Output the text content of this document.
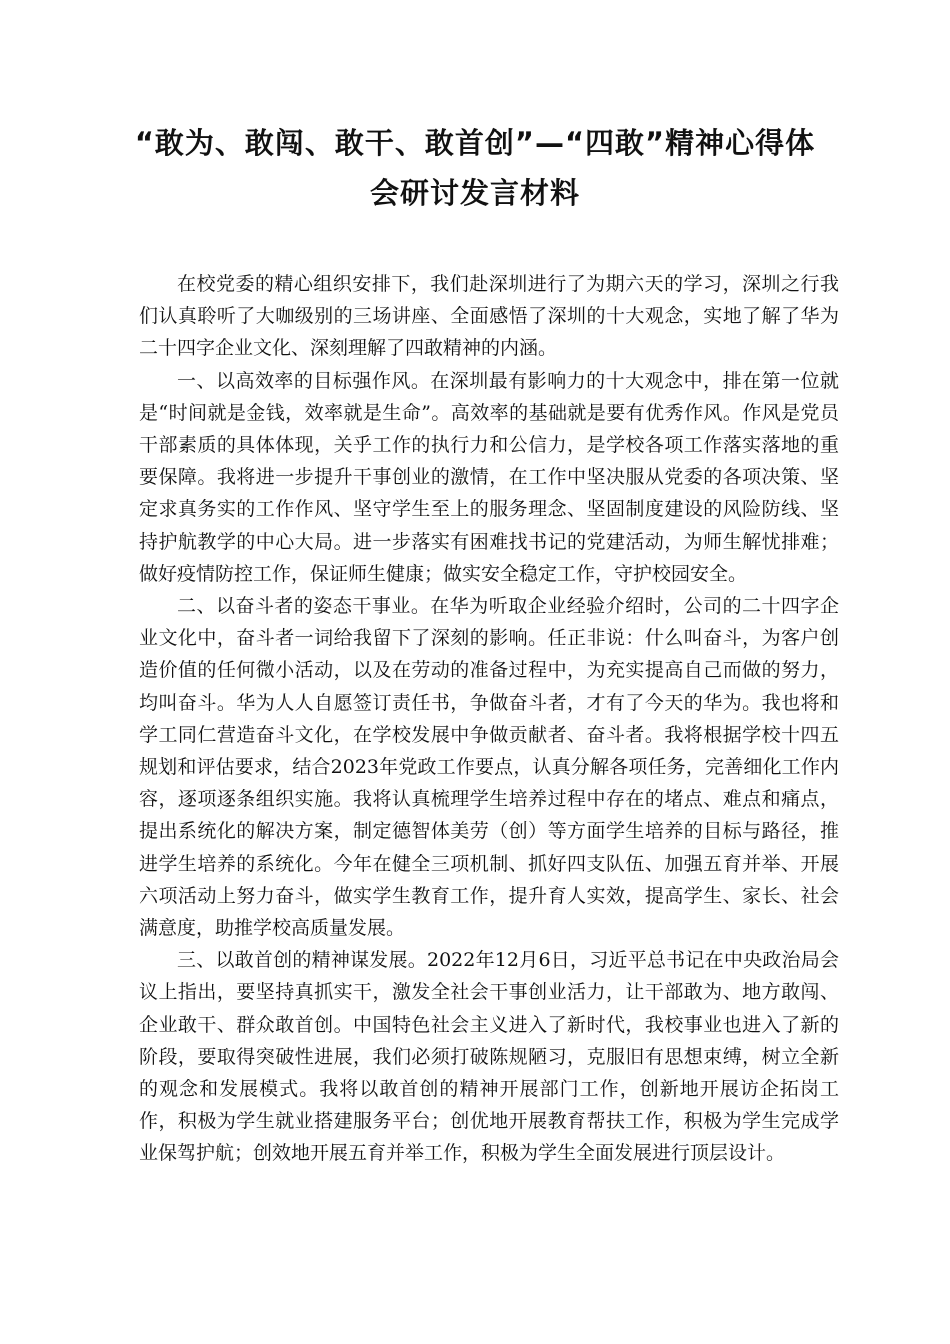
“敢为、敢闯、敢干、敢首创”—“四敢”精神心得体
会研讨发言材料

在校党委的精心组织安排下，我们赴深圳进行了为期六天的学习，深圳之行我们认真聆听了大咖级别的三场讲座、全面感悟了深圳的十大观念，实地了解了华为二十四字企业文化、深刻理解了四敢精神的内涵。

一、以高效率的目标强作风。在深圳最有影响力的十大观念中，排在第一位就是“时间就是金钱，效率就是生命”。高效率的基础就是要有优秀作风。作风是党员干部素质的具体体现，关乎工作的执行力和公信力，是学校各项工作落实落地的重要保障。我将进一步提升干事创业的激情，在工作中坚决服从党委的各项决策、坚定求真务实的工作作风、坚守学生至上的服务理念、坚固制度建设的风险防线、坚持护航教学的中心大局。进一步落实有困难找书记的党建活动，为师生解忧排难；做好疫情防控工作，保证师生健康；做实安全稳定工作，守护校园安全。

二、以奋斗者的姿态干事业。在华为听取企业经验介绍时，公司的二十四字企业文化中，奋斗者一词给我留下了深刻的影响。任正非说：什么叫奋斗，为客户创造价值的任何微小活动，以及在劳动的准备过程中，为充实提高自己而做的努力，均叫奋斗。华为人人自愿签订责任书，争做奋斗者，才有了今天的华为。我也将和学工同仁营造奋斗文化，在学校发展中争做贡献者、奋斗者。我将根据学校十四五规划和评估要求，结合2023年党政工作要点，认真分解各项任务，完善细化工作内容，逐项逐条组织实施。我将认真梳理学生培养过程中存在的堵点、难点和痛点，提出系统化的解决方案，制定德智体美劳（创）等方面学生培养的目标与路径，推进学生培养的系统化。今年在健全三项机制、抓好四支队伍、加强五育并举、开展六项活动上努力奋斗，做实学生教育工作，提升育人实效，提高学生、家长、社会满意度，助推学校高质量发展。

三、以敢首创的精神谋发展。2022年12月6日，习近平总书记在中央政治局会议上指出，要坚持真抓实干，激发全社会干事创业活力，让干部敢为、地方敢闯、企业敢干、群众敢首创。中国特色社会主义进入了新时代，我校事业也进入了新的阶段，要取得突破性进展，我们必须打破陈规陋习，克服旧有思想束缚，树立全新的观念和发展模式。我将以敢首创的精神开展部门工作，创新地开展访企拓岗工作，积极为学生就业搭建服务平台；创优地开展教育帮扶工作，积极为学生完成学业保驾护航；创效地开展五育并举工作，积极为学生全面发展进行顶层设计。
